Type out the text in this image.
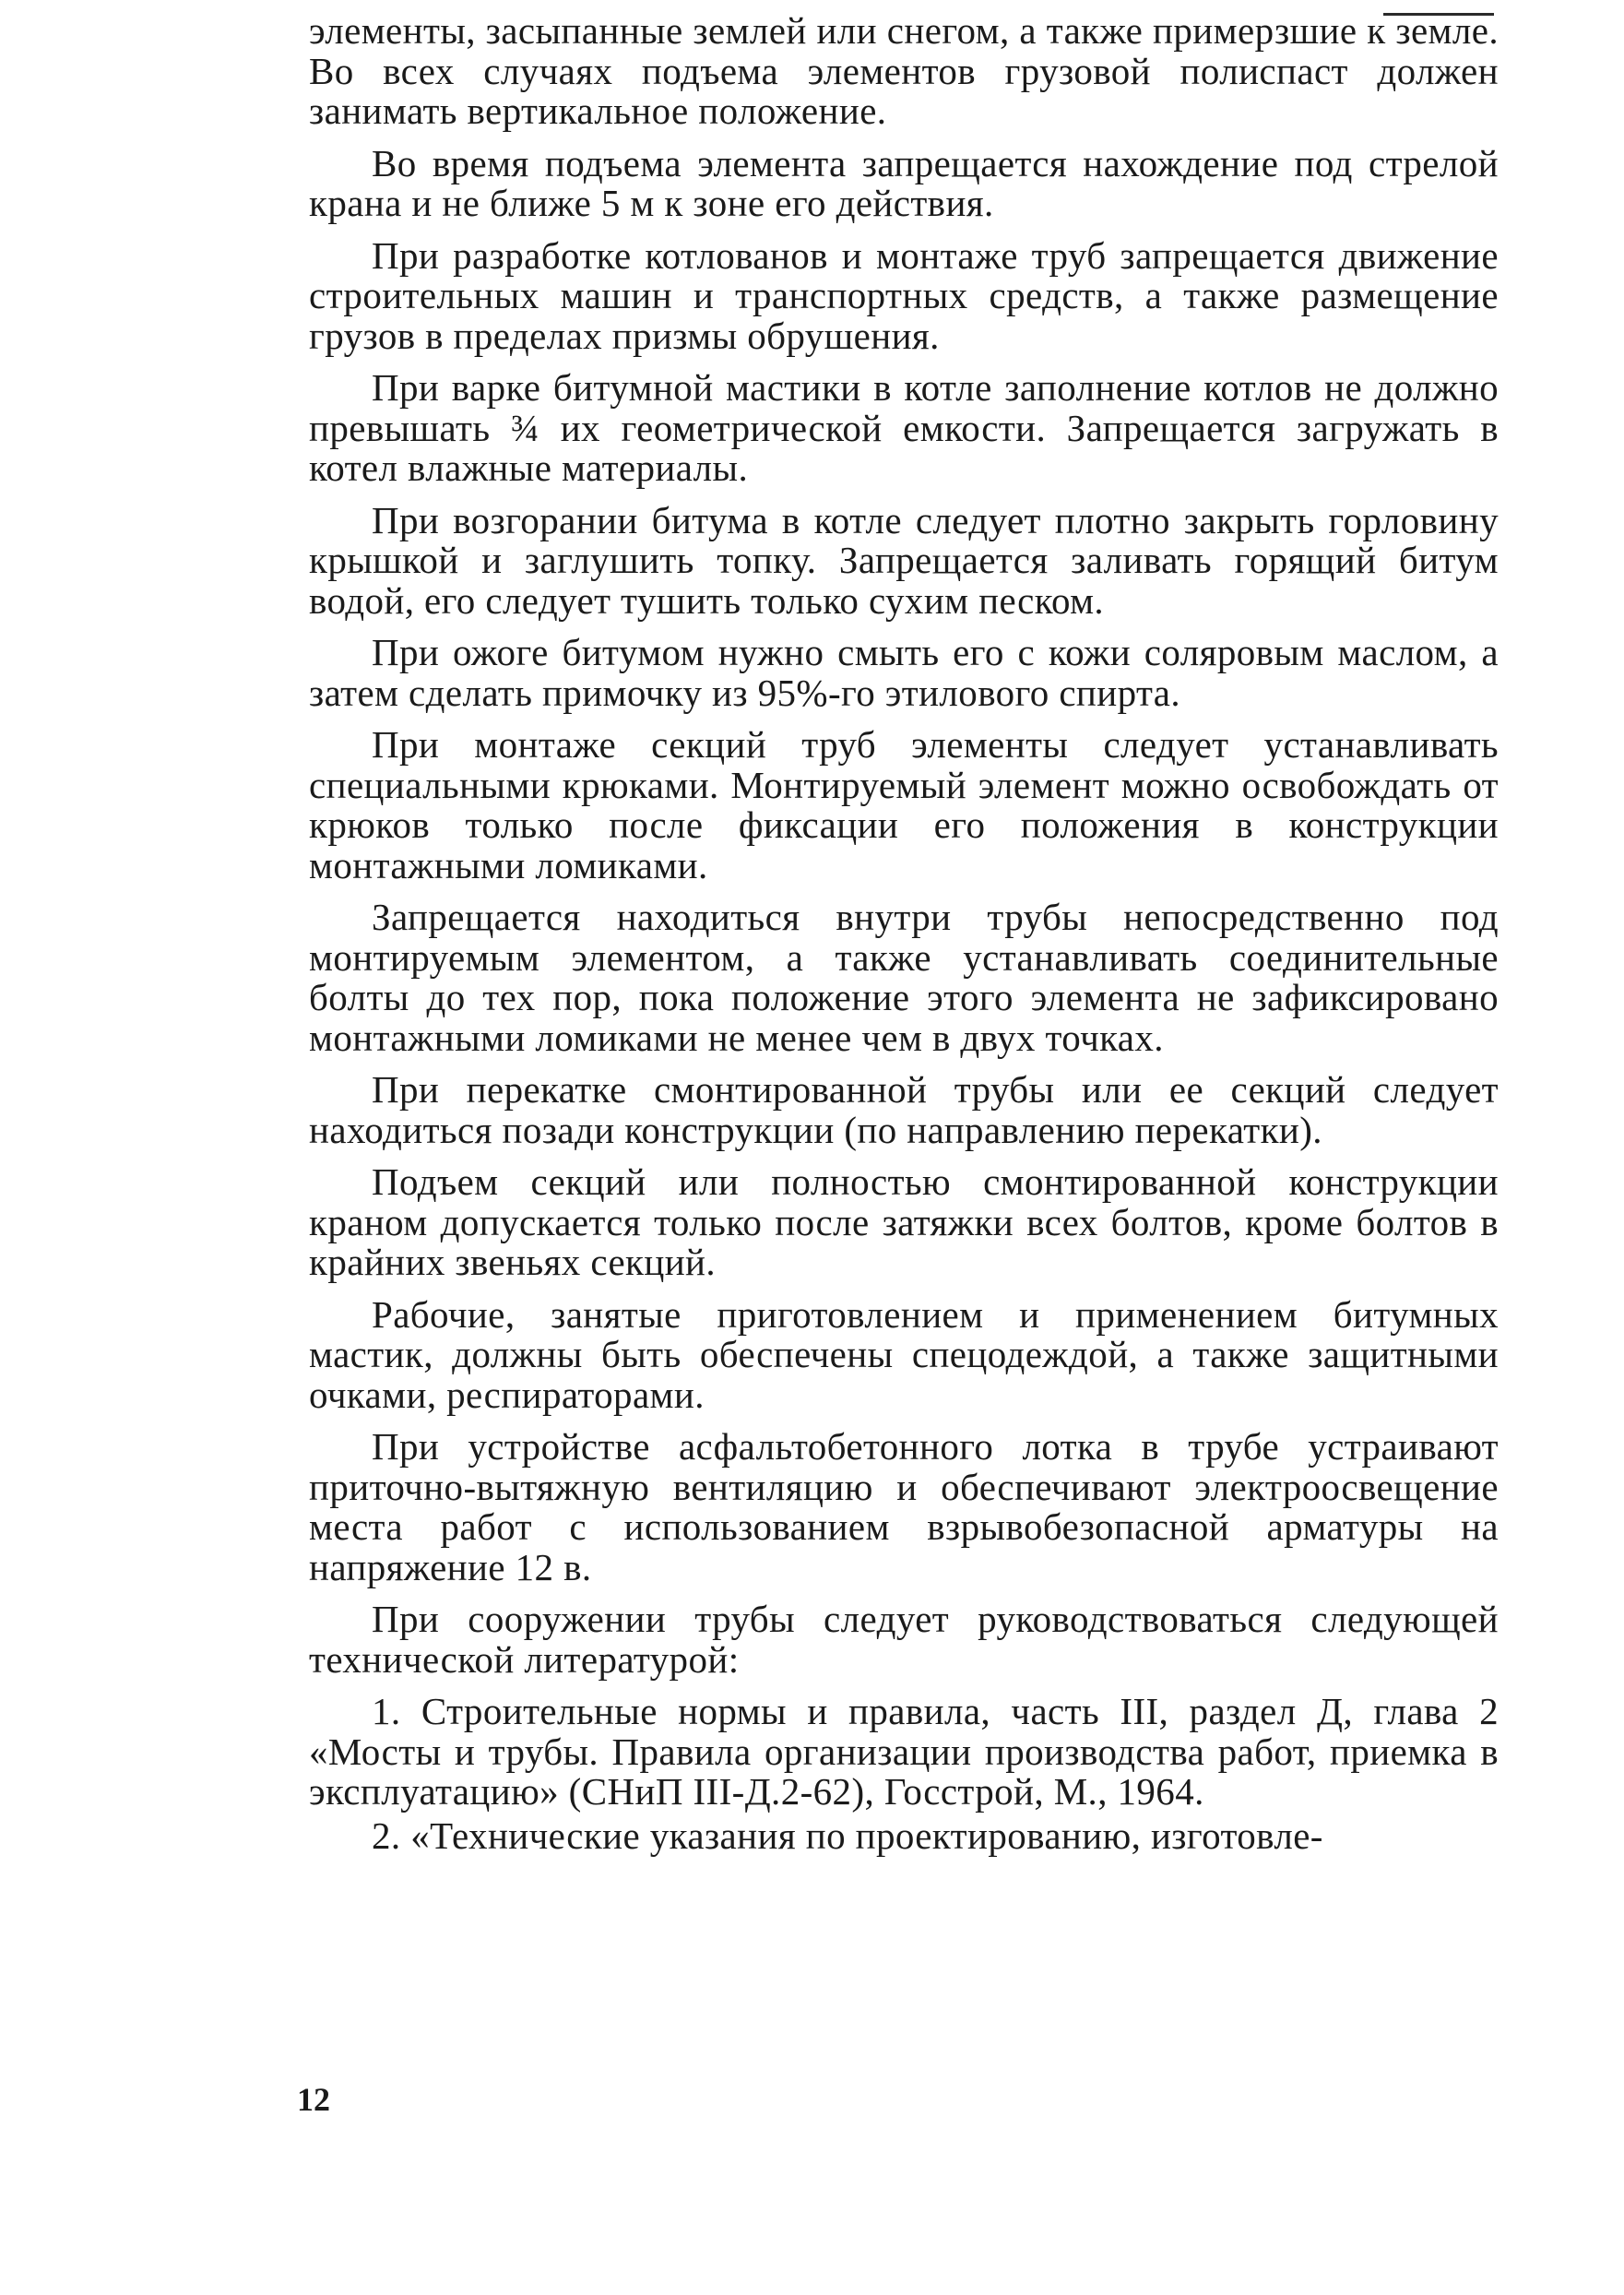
элементы, засыпанные землей или снегом, а также примерзшие к земле. Во всех случаях подъема элементов грузовой полиспаст должен занимать вертикальное положение.

Во время подъема элемента запрещается нахождение под стрелой крана и не ближе 5 м к зоне его действия.

При разработке котлованов и монтаже труб запрещается движение строительных машин и транспортных средств, а также размещение грузов в пределах призмы обрушения.

При варке битумной мастики в котле заполнение котлов не должно превышать ¾ их геометрической емкости. Запрещается загружать в котел влажные материалы.

При возгорании битума в котле следует плотно закрыть горловину крышкой и заглушить топку. Запрещается заливать горящий битум водой, его следует тушить только сухим песком.

При ожоге битумом нужно смыть его с кожи соляровым маслом, а затем сделать примочку из 95%-го этилового спирта.

При монтаже секций труб элементы следует устанавливать специальными крюками. Монтируемый элемент можно освобождать от крюков только после фиксации его положения в конструкции монтажными ломиками.

Запрещается находиться внутри трубы непосредственно под монтируемым элементом, а также устанавливать соединительные болты до тех пор, пока положение этого элемента не зафиксировано монтажными ломиками не менее чем в двух точках.

При перекатке смонтированной трубы или ее секций следует находиться позади конструкции (по направлению перекатки).

Подъем секций или полностью смонтированной конструкции краном допускается только после затяжки всех болтов, кроме болтов в крайних звеньях секций.

Рабочие, занятые приготовлением и применением битумных мастик, должны быть обеспечены спецодеждой, а также защитными очками, респираторами.

При устройстве асфальтобетонного лотка в трубе устраивают приточно-вытяжную вентиляцию и обеспечивают электроосвещение места работ с использованием взрывобезопасной арматуры на напряжение 12 в.

При сооружении трубы следует руководствоваться следующей технической литературой:

1. Строительные нормы и правила, часть III, раздел Д, глава 2 «Мосты и трубы. Правила организации производства работ, приемка в эксплуатацию» (СНиП III-Д.2-62), Госстрой, М., 1964.

2. «Технические указания по проектированию, изготовле-

12
